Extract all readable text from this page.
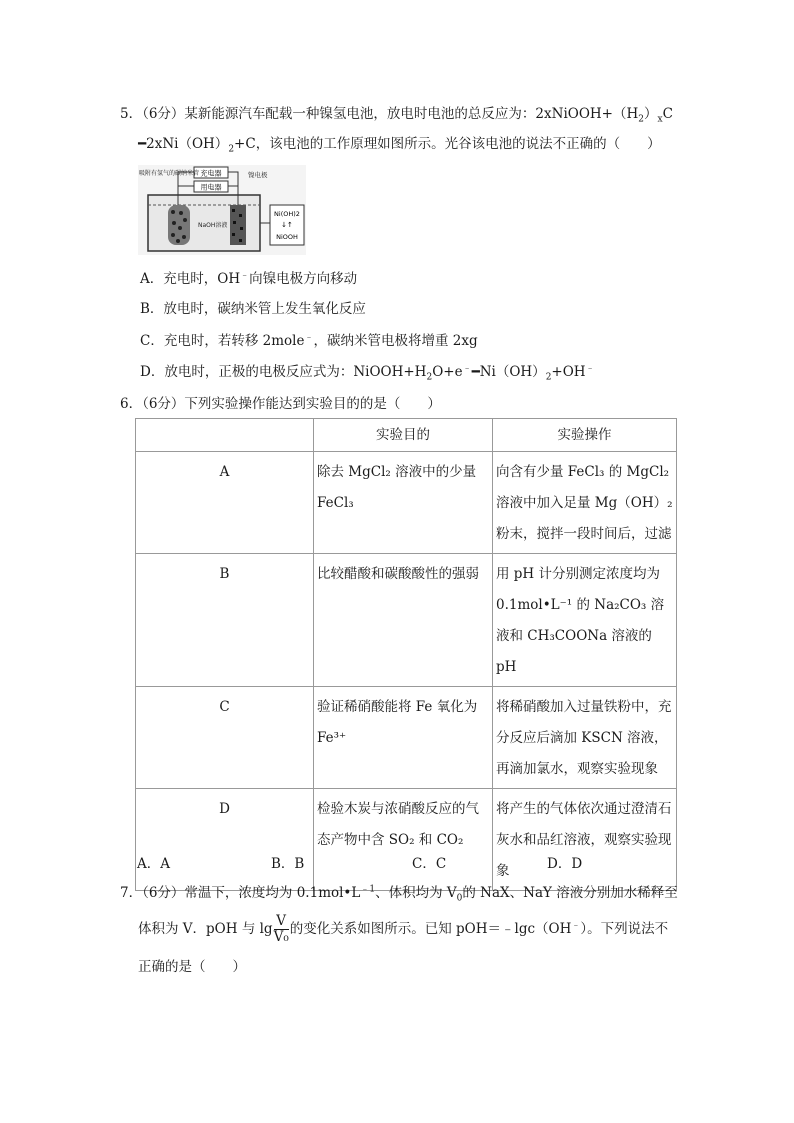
5．（6分）某新能源汽车配载一种镍氢电池，放电时电池的总反应为：$2xNiOOH+(H_2)_xC$
$━2xNi(OH)_2+C$，该电池的工作原理如图所示。光谷该电池的说法不正确的（　　）
充电器
用电器
吸附有氢气的碳纳米管	镍电极
NaOH溶液
Ni(OH)2
↓↑
NiOOH
A．充电时，OH﹣向镍电极方向移动
B．放电时，碳纳米管上发生氧化反应
C．充电时，若转移 2mole﹣，碳纳米管电极将增重 2xg
D．放电时，正极的电极反应式为：$NiOOH+H_2O+e^﹣━Ni(OH)_2+OH^﹣$
6．（6分）下列实验操作能达到实验目的的是（　　）
	实验目的	实验操作
A	除去 MgCl₂ 溶液中的少量 FeCl₃	向含有少量 FeCl₃ 的 MgCl₂ 溶液中加入足量 Mg（OH）₂ 粉末，搅拌一段时间后，过滤
B	比较醋酸和碳酸酸性的强弱	用 pH 计分别测定浓度均为 0.1mol•L⁻¹ 的 Na₂CO₃ 溶液和 CH₃COONa 溶液的 pH
C	验证稀硝酸能将 Fe 氧化为 Fe³⁺	将稀硝酸加入过量铁粉中，充分反应后滴加 KSCN 溶液，再滴加氯水，观察实验现象
D	检验木炭与浓硝酸反应的气态产物中含 SO₂ 和 CO₂	将产生的气体依次通过澄清石灰水和品红溶液，观察实验现象
A．A	B．B	C．C	D．D
7．（6分）常温下，浓度均为 $0.1mol•L^{﹣1}$、体积均为 $V_0$的 NaX、NaY 溶液分别加水稀释至
体积为 V．pOH 与 $\lg \frac{V}{\text{V₀}}$ 的变化关系如图所示。已知 pOH＝﹣lgc（OH﹣）。下列说法不
正确的是（　　）
